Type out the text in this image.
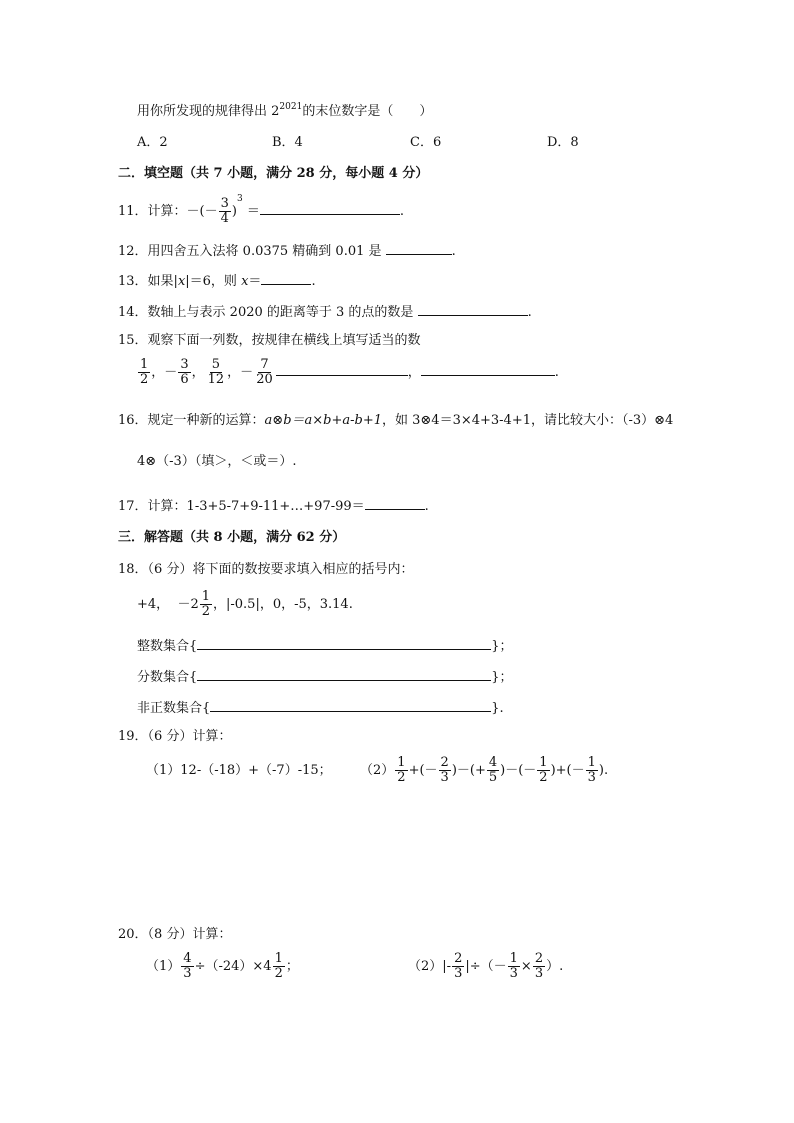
用你所发现的规律得出 $2^{2021}$的末位数字是（　　）
A．2	B．4	C．6	D．8
二．填空题（共 7 小题，满分 28 分，每小题 4 分）
11．计算：－(－ $\frac{3}{4} )^3$ ＝	.
12．用四舍五入法将 0.0375 精确到 0.01 是	.
13．如果|x|＝6，则 x＝	.
14．数轴上与表示 2020 的距离等于 3 的点的数是	.
15．观察下面一列数，按规律在横线上填写适当的数
$\frac{1}{2}$ ，－ $\frac{3}{6}$ ， $\frac{5}{12}$ ，－ $\frac{7}{20}$	，	.
16．规定一种新的运算：a⊗b＝a×b+a-b+1，如 3⊗4＝3×4+3-4+1，请比较大小：（-3）⊗4
4⊗（-3）（填＞，＜或＝）.
17．计算：1-3+5-7+9-11+…+97-99＝	.
三．解答题（共 8 小题，满分 62 分）
18．（6 分）将下面的数按要求填入相应的括号内：
+4， $-2 \frac{1}{2}$ ，|-0.5|，0，-5，3.14.
整数集合{	}；
分数集合{	}；
非正数集合{	}.
19．（6 分）计算：
（1）12-（-18）+（-7）-15； $(2) \frac{1}{2}$ +(－ $\frac{2}{3}$ )－(+ $\frac{4}{5}$ )－(－ $\frac{1}{2}$ )+(－ $\frac{1}{3}$ ).
20．（8 分）计算：
$(1) \frac{4}{3} \div(-24)\times 4 \frac{1}{2}$ ；	$(2)|- \frac{2}{3}$ |÷（－ $\frac{1}{3} \times \frac{2}{3}$ ）.
